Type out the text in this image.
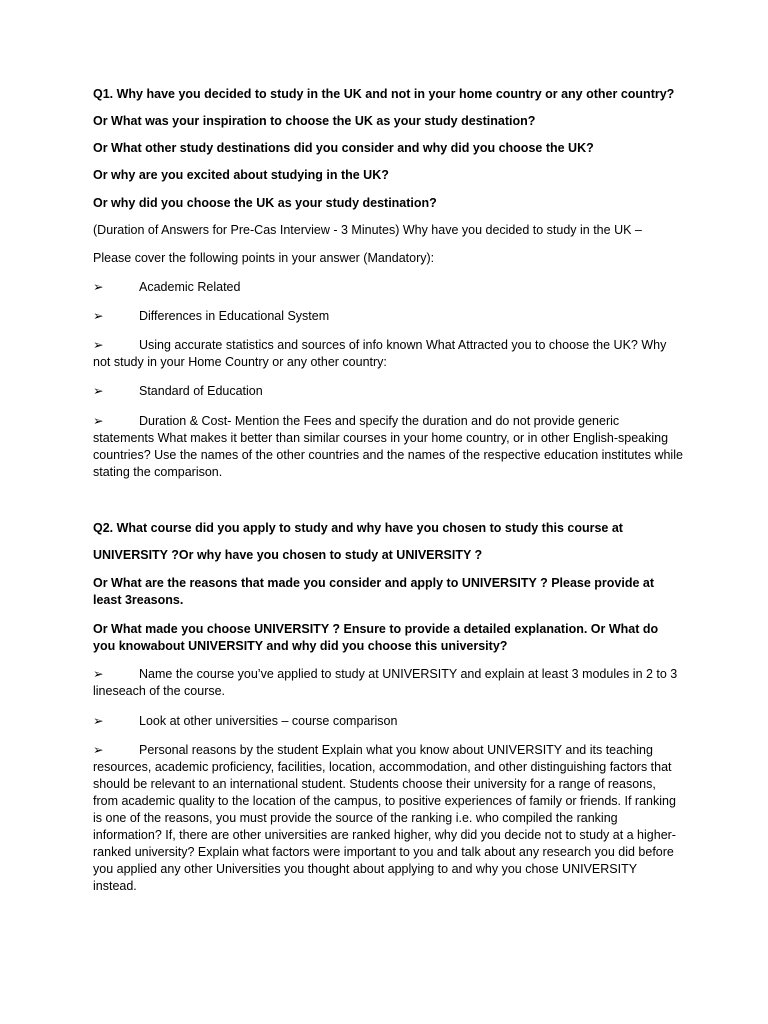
Q1. Why have you decided to study in the UK and not in your home country or any other country?

Or What was your inspiration to choose the UK as your study destination?

Or What other study destinations did you consider and why did you choose the UK?

Or why are you excited about studying in the UK?

Or why did you choose the UK as your study destination?

(Duration of Answers for Pre-Cas Interview - 3 Minutes) Why have you decided to study in the UK –

Please cover the following points in your answer (Mandatory):

➢	Academic Related

➢	Differences in Educational System

➢	Using accurate statistics and sources of info known What Attracted you to choose the UK? Why not study in your Home Country or any other country:

➢	Standard of Education

➢	Duration & Cost- Mention the Fees and specify the duration and do not provide generic statements What makes it better than similar courses in your home country, or in other English-speaking countries? Use the names of the other countries and the names of the respective education institutes while stating the comparison.

Q2. What course did you apply to study and why have you chosen to study this course at

UNIVERSITY ?Or why have you chosen to study at UNIVERSITY ?

Or What are the reasons that made you consider and apply to UNIVERSITY ? Please provide at least 3reasons.

Or What made you choose UNIVERSITY ? Ensure to provide a detailed explanation. Or What do you knowabout UNIVERSITY and why did you choose this university?

➢	Name the course you’ve applied to study at UNIVERSITY and explain at least 3 modules in 2 to 3 lineseach of the course.

➢	Look at other universities – course comparison

➢	Personal reasons by the student Explain what you know about UNIVERSITY and its teaching resources, academic proficiency, facilities, location, accommodation, and other distinguishing factors that should be relevant to an international student. Students choose their university for a range of reasons, from academic quality to the location of the campus, to positive experiences of family or friends. If ranking is one of the reasons, you must provide the source of the ranking i.e. who compiled the ranking information? If, there are other universities are ranked higher, why did you decide not to study at a higher-ranked university? Explain what factors were important to you and talk about any research you did before you applied any other Universities you thought about applying to and why you chose UNIVERSITY instead.
